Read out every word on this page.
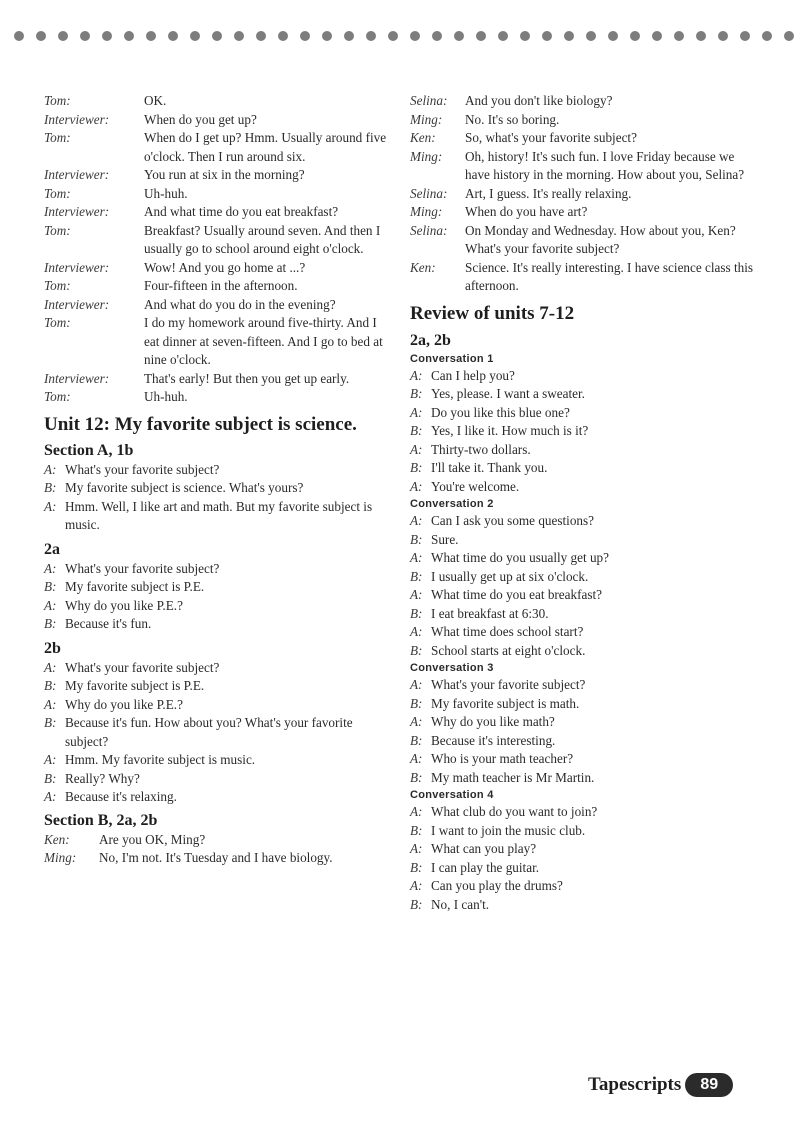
Tom:	OK.
Interviewer:	When do you get up?
Tom:	When do I get up? Hmm. Usually around five o'clock. Then I run around six.
Interviewer:	You run at six in the morning?
Tom:	Uh-huh.
Interviewer:	And what time do you eat breakfast?
Tom:	Breakfast? Usually around seven. And then I usually go to school around eight o'clock.
Interviewer:	Wow! And you go home at ...?
Tom:	Four-fifteen in the afternoon.
Interviewer:	And what do you do in the evening?
Tom:	I do my homework around five-thirty. And I eat dinner at seven-fifteen. And I go to bed at nine o'clock.
Interviewer:	That's early! But then you get up early.
Tom:	Uh-huh.
Unit 12: My favorite subject is science.
Section A, 1b
A: What's your favorite subject?
B: My favorite subject is science. What's yours?
A: Hmm. Well, I like art and math. But my favorite subject is music.
2a
A: What's your favorite subject?
B: My favorite subject is P.E.
A: Why do you like P.E.?
B: Because it's fun.
2b
A: What's your favorite subject?
B: My favorite subject is P.E.
A: Why do you like P.E.?
B: Because it's fun. How about you? What's your favorite subject?
A: Hmm. My favorite subject is music.
B: Really? Why?
A: Because it's relaxing.
Section B, 2a, 2b
Ken:	Are you OK, Ming?
Ming:	No, I'm not. It's Tuesday and I have biology.
Selina:	And you don't like biology?
Ming:	No. It's so boring.
Ken:	So, what's your favorite subject?
Ming:	Oh, history! It's such fun. I love Friday because we have history in the morning. How about you, Selina?
Selina:	Art, I guess. It's really relaxing.
Ming:	When do you have art?
Selina:	On Monday and Wednesday. How about you, Ken? What's your favorite subject?
Ken:	Science. It's really interesting. I have science class this afternoon.
Review of units 7-12
2a, 2b
Conversation 1
A: Can I help you?
B: Yes, please. I want a sweater.
A: Do you like this blue one?
B: Yes, I like it. How much is it?
A: Thirty-two dollars.
B: I'll take it. Thank you.
A: You're welcome.
Conversation 2
A: Can I ask you some questions?
B: Sure.
A: What time do you usually get up?
B: I usually get up at six o'clock.
A: What time do you eat breakfast?
B: I eat breakfast at 6:30.
A: What time does school start?
B: School starts at eight o'clock.
Conversation 3
A: What's your favorite subject?
B: My favorite subject is math.
A: Why do you like math?
B: Because it's interesting.
A: Who is your math teacher?
B: My math teacher is Mr Martin.
Conversation 4
A: What club do you want to join?
B: I want to join the music club.
A: What can you play?
B: I can play the guitar.
A: Can you play the drums?
B: No, I can't.
Tapescripts	89
